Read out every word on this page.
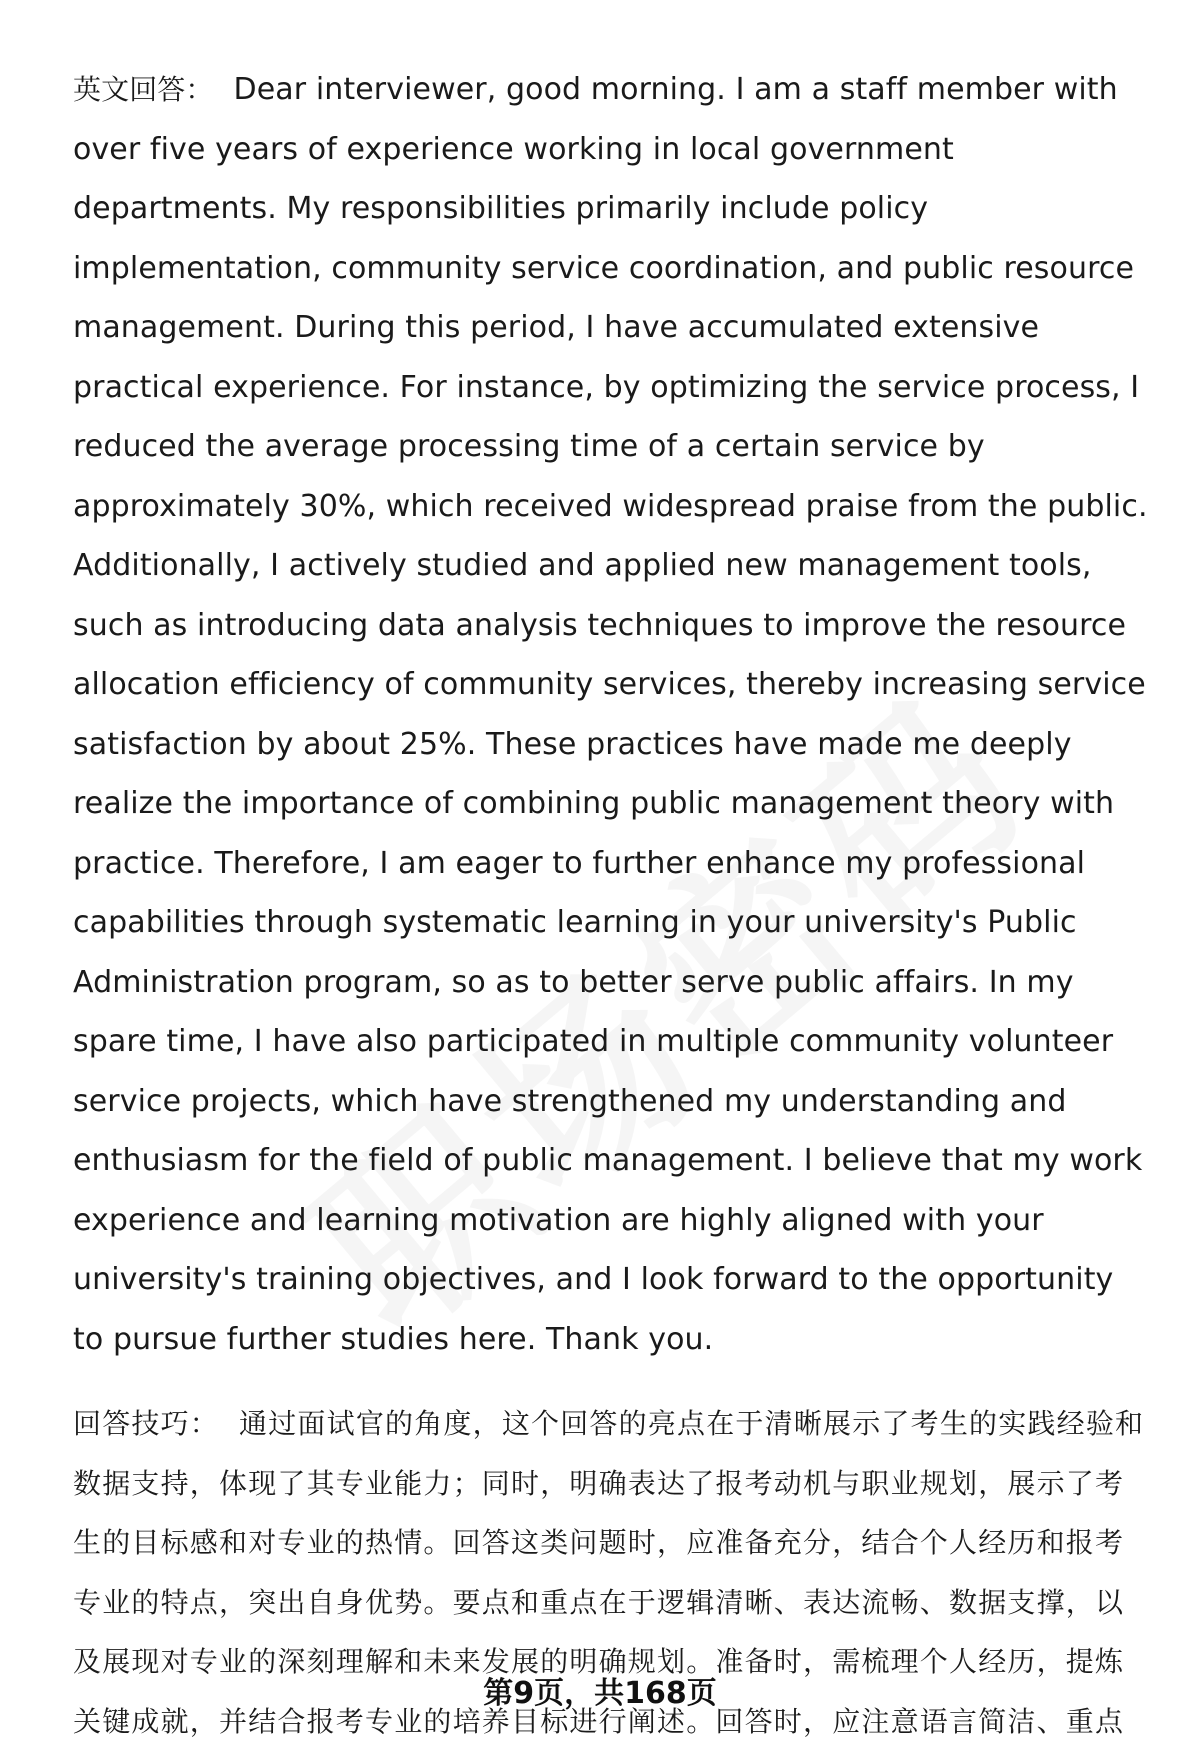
英文回答： Dear interviewer, good morning. I am a staff member with over five years of experience working in local government departments. My responsibilities primarily include policy implementation, community service coordination, and public resource management. During this period, I have accumulated extensive practical experience. For instance, by optimizing the service process, I reduced the average processing time of a certain service by approximately 30%, which received widespread praise from the public. Additionally, I actively studied and applied new management tools, such as introducing data analysis techniques to improve the resource allocation efficiency of community services, thereby increasing service satisfaction by about 25%. These practices have made me deeply realize the importance of combining public management theory with practice. Therefore, I am eager to further enhance my professional capabilities through systematic learning in your university's Public Administration program, so as to better serve public affairs. In my spare time, I have also participated in multiple community volunteer service projects, which have strengthened my understanding and enthusiasm for the field of public management. I believe that my work experience and learning motivation are highly aligned with your university's training objectives, and I look forward to the opportunity to pursue further studies here. Thank you.

回答技巧： 通过面试官的角度，这个回答的亮点在于清晰展示了考生的实践经验和数据支持，体现了其专业能力；同时，明确表达了报考动机与职业规划，展示了考生的目标感和对专业的热情。回答这类问题时，应准备充分，结合个人经历和报考专业的特点，突出自身优势。要点和重点在于逻辑清晰、表达流畅、数据支撑，以及展现对专业的深刻理解和未来发展的明确规划。准备时，需梳理个人经历，提炼关键成就，并结合报考专业的培养目标进行阐述。回答时，应注意语言简洁、重点

第9页，共168页
